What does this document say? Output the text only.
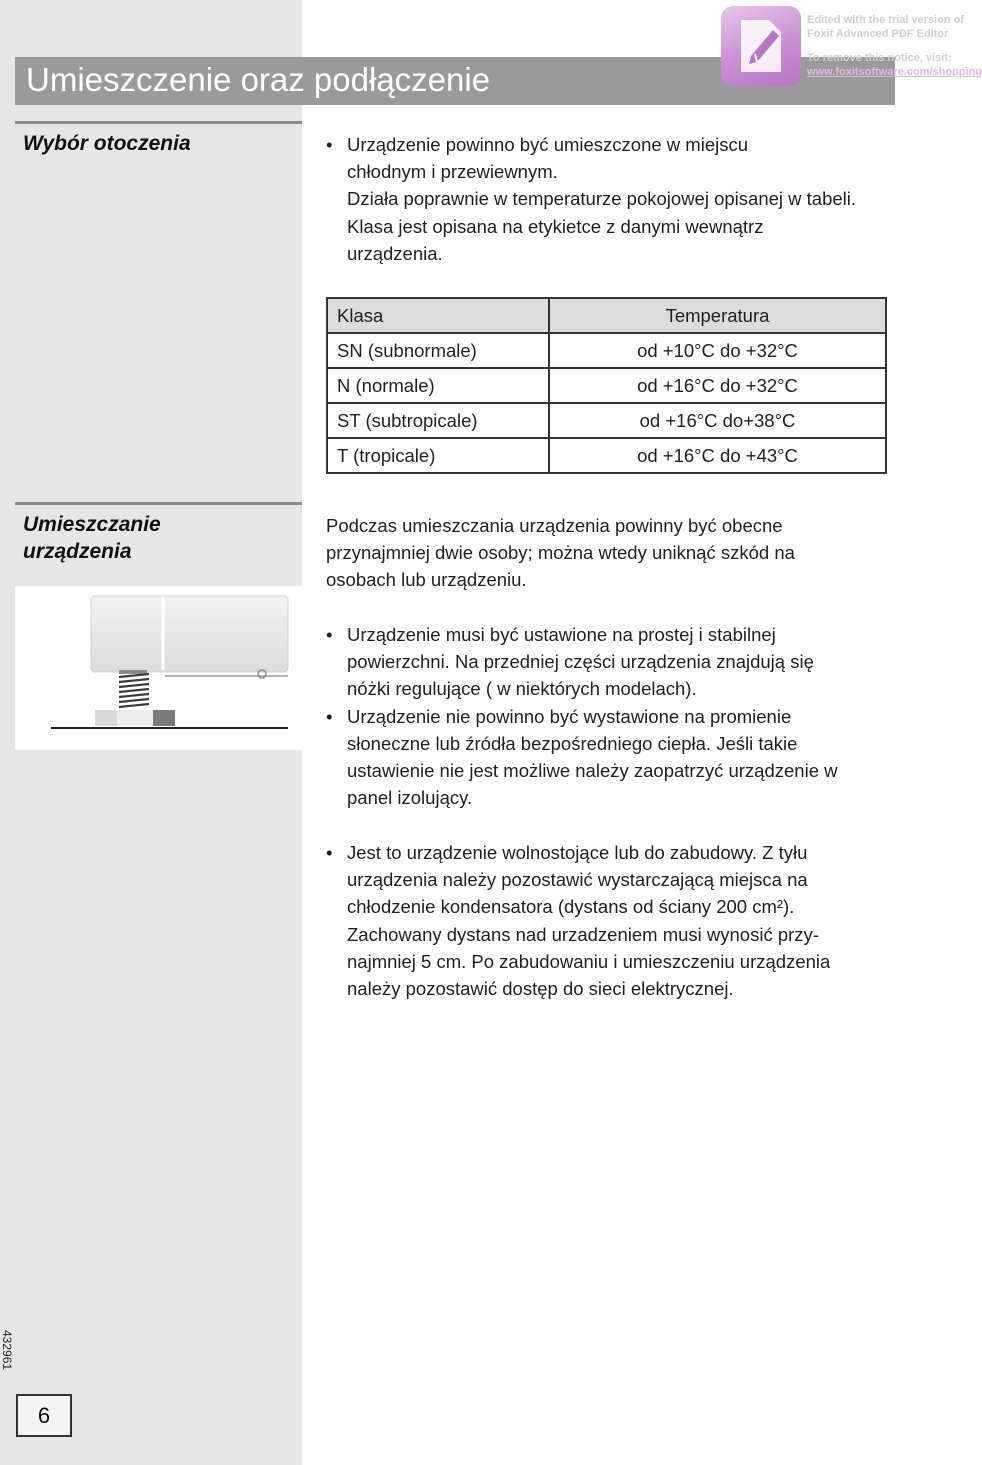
Umieszczenie oraz podłączenie
Edited with the trial version of
Foxit Advanced PDF Editor
To remove this notice, visit:
www.foxitsoftware.com/shopping
Wybór otoczenia	• Urządzenie powinno być umieszczone w miejscu
chłodnym i przewiewnym.
Działa poprawnie w temperaturze pokojowej opisanej w tabeli.
Klasa jest opisana na etykietce z danymi wewnątrz
urządzenia.
Klasa	Temperatura
SN (subnormale)	od +10°C do +32°C
N (normale)	od +16°C do +32°C
ST (subtropicale)	od +16°C do+38°C
T (tropicale)	od +16°C do +43°C
Umieszczanie
urządzenia
Podczas umieszczania urządzenia powinny być obecne
przynajmniej dwie osoby; można wtedy uniknąć szkód na
osobach lub urządzeniu.
• Urządzenie musi być ustawione na prostej i stabilnej
powierzchni. Na przedniej części urządzenia znajdują się
nóżki regulujące ( w niektórych modelach).
• Urządzenie nie powinno być wystawione na promienie
słoneczne lub źródła bezpośredniego ciepła. Jeśli takie
ustawienie nie jest możliwe należy zaopatrzyć urządzenie w
panel izolujący.
• Jest to urządzenie wolnostojące lub do zabudowy. Z tyłu
urządzenia należy pozostawić wystarczającą miejsca na
chłodzenie kondensatora (dystans od ściany 200 cm²).
Zachowany dystans nad urzadzeniem musi wynosić przy-
najmniej 5 cm. Po zabudowaniu i umieszczeniu urządzenia
należy pozostawić dostęp do sieci elektrycznej.
432961
6
